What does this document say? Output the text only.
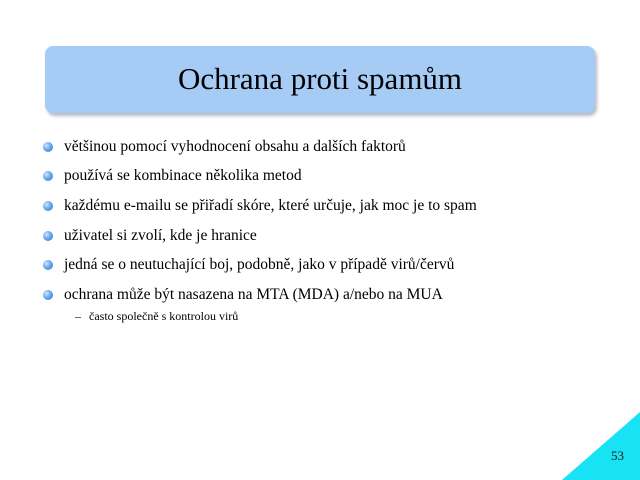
Ochrana proti spamům
většinou pomocí vyhodnocení obsahu a dalších faktorů
používá se kombinace několika metod
každému e-mailu se přiřadí skóre, které určuje, jak moc je to spam
uživatel si zvolí, kde je hranice
jedná se o neutuchající boj, podobně, jako v případě virů/červů
ochrana může být nasazena na MTA (MDA) a/nebo na MUA
– často společně s kontrolou virů
53
